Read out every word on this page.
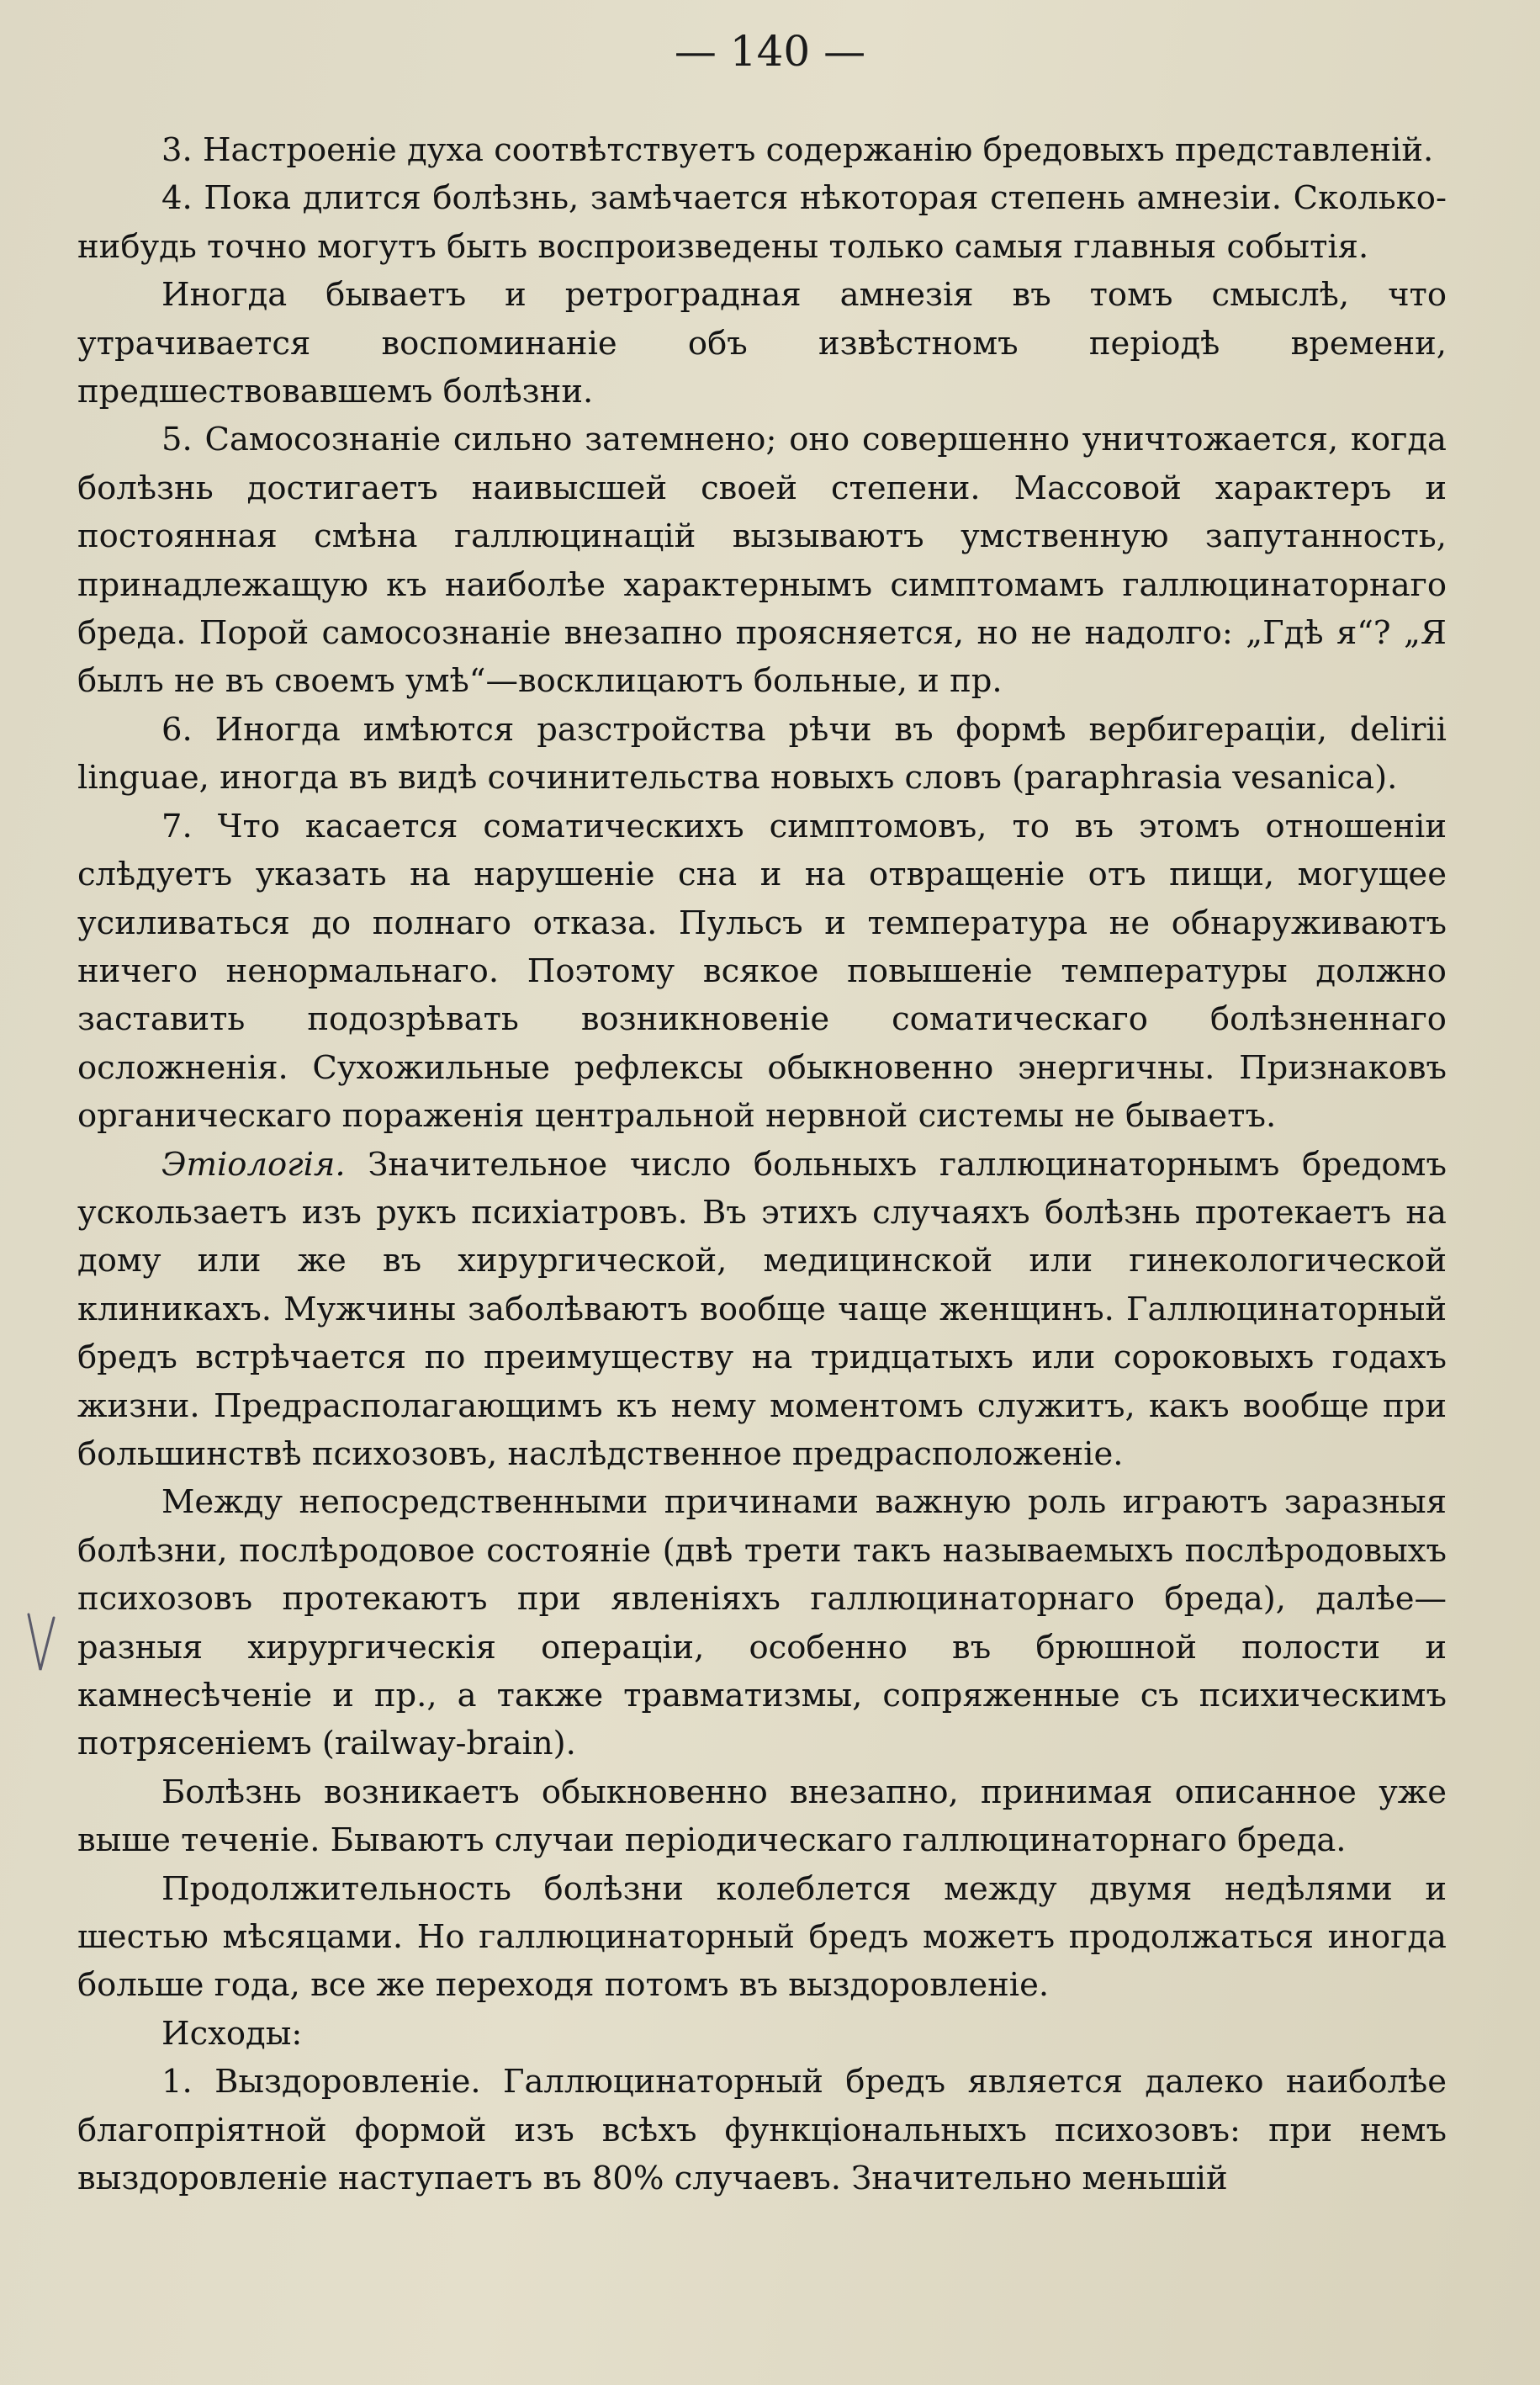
— 140 —

3. Настроеніе духа соотвѣтствуетъ содержанію бредовыхъ представленій.

4. Пока длится болѣзнь, замѣчается нѣкоторая степень амнезіи. Сколько-нибудь точно могутъ быть воспроизведены только самыя главныя событія.

Иногда бываетъ и ретроградная амнезія въ томъ смыслѣ, что утрачивается воспоминаніе объ извѣстномъ періодѣ времени, предшествовавшемъ болѣзни.

5. Самосознаніе сильно затемнено; оно совершенно уничтожается, когда болѣзнь достигаетъ наивысшей своей степени. Массовой характеръ и постоянная смѣна галлюцинацій вызываютъ умственную запутанность, принадлежащую къ наиболѣе характернымъ симптомамъ галлюцинаторнаго бреда. Порой самосознаніе внезапно проясняется, но не надолго: „Гдѣ я“? „Я былъ не въ своемъ умѣ“—восклицаютъ больные, и пр.

6. Иногда имѣются разстройства рѣчи въ формѣ вербигераціи, delirii linguae, иногда въ видѣ сочинительства новыхъ словъ (paraphrasia vesanica).

7. Что касается соматическихъ симптомовъ, то въ этомъ отношеніи слѣдуетъ указать на нарушеніе сна и на отвращеніе отъ пищи, могущее усиливаться до полнаго отказа. Пульсъ и температура не обнаруживаютъ ничего ненормальнаго. Поэтому всякое повышеніе температуры должно заставить подозрѣвать возникновеніе соматическаго болѣзненнаго осложненія. Сухожильные рефлексы обыкновенно энергичны. Признаковъ органическаго пораженія центральной нервной системы не бываетъ.

Этіологія. Значительное число больныхъ галлюцинаторнымъ бредомъ ускользаетъ изъ рукъ психіатровъ. Въ этихъ случаяхъ болѣзнь протекаетъ на дому или же въ хирургической, медицинской или гинекологической клиникахъ. Мужчины заболѣваютъ вообще чаще женщинъ. Галлюцинаторный бредъ встрѣчается по преимуществу на тридцатыхъ или сороковыхъ годахъ жизни. Предрасполагающимъ къ нему моментомъ служитъ, какъ вообще при большинствѣ психозовъ, наслѣдственное предрасположеніе.

Между непосредственными причинами важную роль играютъ заразныя болѣзни, послѣродовое состояніе (двѣ трети такъ называемыхъ послѣродовыхъ психозовъ протекаютъ при явленіяхъ галлюцинаторнаго бреда), далѣе—разныя хирургическія операціи, особенно въ брюшной полости и камнесѣченіе и пр., а также травматизмы, сопряженные съ психическимъ потрясеніемъ (railway-brain).

Болѣзнь возникаетъ обыкновенно внезапно, принимая описанное уже выше теченіе. Бываютъ случаи періодическаго галлюцинаторнаго бреда.

Продолжительность болѣзни колеблется между двумя недѣлями и шестью мѣсяцами. Но галлюцинаторный бредъ можетъ продолжаться иногда больше года, все же переходя потомъ въ выздоровленіе.

Исходы:

1. Выздоровленіе. Галлюцинаторный бредъ является далеко наиболѣе благопріятной формой изъ всѣхъ функціональныхъ психозовъ: при немъ выздоровленіе наступаетъ въ 80% случаевъ. Значительно меньшій
